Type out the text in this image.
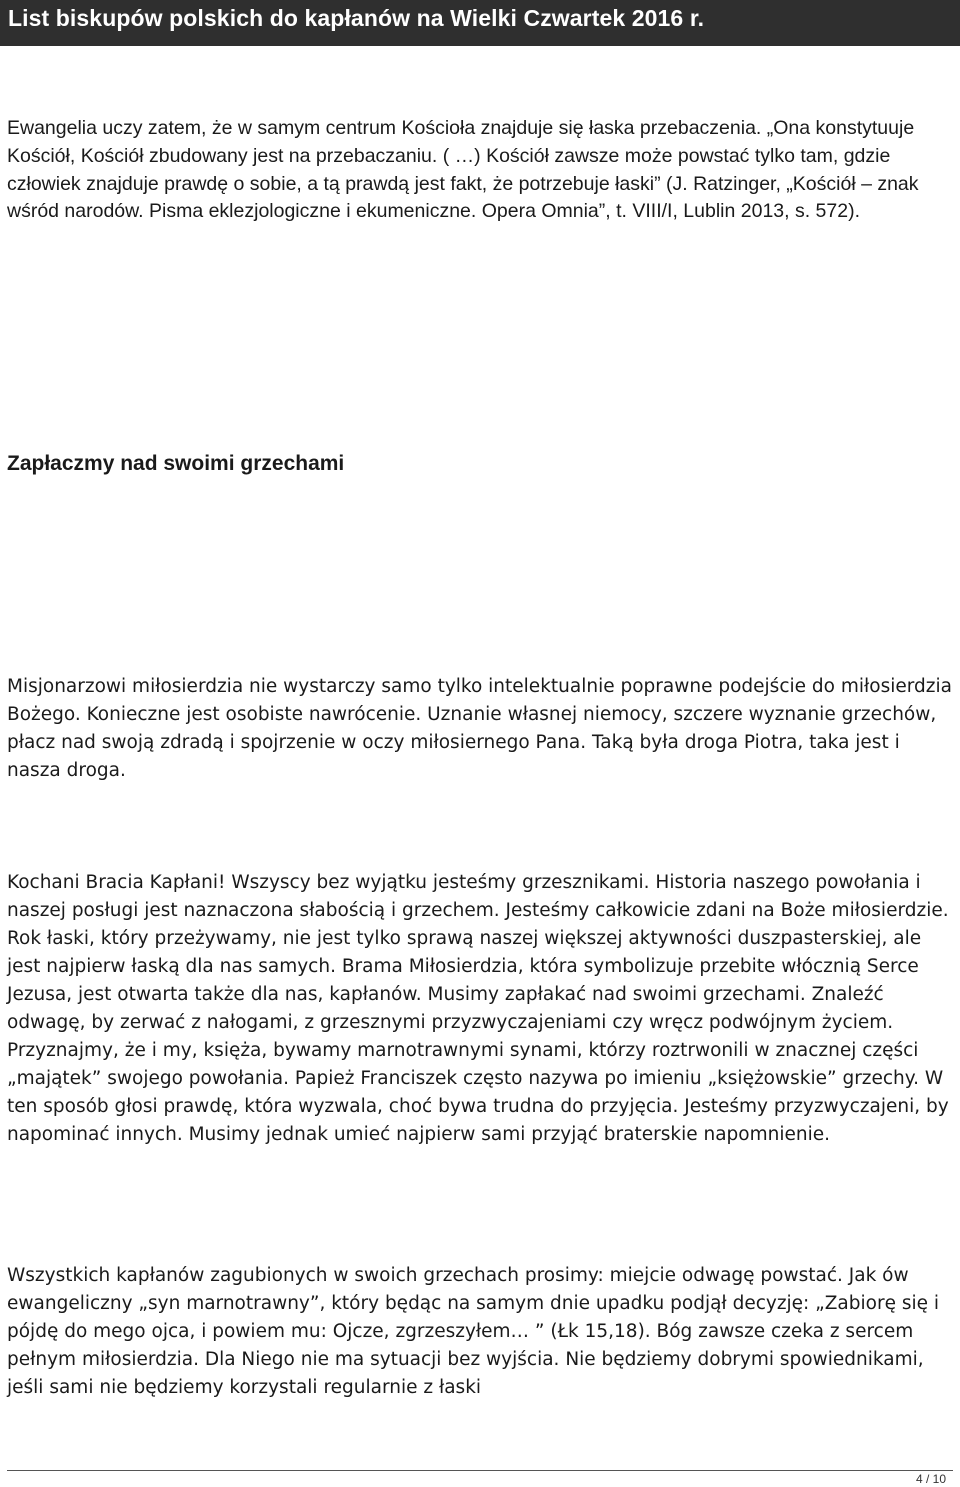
List biskupów polskich do kapłanów na Wielki Czwartek 2016 r.

Ewangelia uczy zatem, że w samym centrum Kościoła znajduje się łaska przebaczenia. „Ona konstytuuje Kościół, Kościół zbudowany jest na przebaczaniu. ( …) Kościół zawsze może powstać tylko tam, gdzie człowiek znajduje prawdę o sobie, a tą prawdą jest fakt, że potrzebuje łaski” (J. Ratzinger, „Kościół – znak wśród narodów. Pisma eklezjologiczne i ekumeniczne. Opera Omnia”, t. VIII/I, Lublin 2013, s. 572).

Zapłaczmy nad swoimi grzechami

Misjonarzowi miłosierdzia nie wystarczy samo tylko intelektualnie poprawne podejście do miłosierdzia Bożego. Konieczne jest osobiste nawrócenie. Uznanie własnej niemocy, szczere wyznanie grzechów, płacz nad swoją zdradą i spojrzenie w oczy miłosiernego Pana. Taką była droga Piotra, taka jest i nasza droga.

Kochani Bracia Kapłani! Wszyscy bez wyjątku jesteśmy grzesznikami. Historia naszego powołania i naszej posługi jest naznaczona słabością i grzechem. Jesteśmy całkowicie zdani na Boże miłosierdzie. Rok łaski, który przeżywamy, nie jest tylko sprawą naszej większej aktywności duszpasterskiej, ale jest najpierw łaską dla nas samych. Brama Miłosierdzia, która symbolizuje przebite włócznią Serce Jezusa, jest otwarta także dla nas, kapłanów. Musimy zapłakać nad swoimi grzechami. Znaleźć odwagę, by zerwać z nałogami, z grzesznymi przyzwyczajeniami czy wręcz podwójnym życiem. Przyznajmy, że i my, księża, bywamy marnotrawnymi synami, którzy roztrwonili w znacznej części „majątek” swojego powołania. Papież Franciszek często nazywa po imieniu „księżowskie” grzechy. W ten sposób głosi prawdę, która wyzwala, choć bywa trudna do przyjęcia. Jesteśmy przyzwyczajeni, by napominać innych. Musimy jednak umieć najpierw sami przyjąć braterskie napomnienie.

Wszystkich kapłanów zagubionych w swoich grzechach prosimy: miejcie odwagę powstać. Jak ów ewangeliczny „syn marnotrawny”, który będąc na samym dnie upadku podjął decyzję: „Zabiorę się i pójdę do mego ojca, i powiem mu: Ojcze, zgrzeszyłem… ” (Łk 15,18). Bóg zawsze czeka z sercem pełnym miłosierdzia. Dla Niego nie ma sytuacji bez wyjścia. Nie będziemy dobrymi spowiednikami, jeśli sami nie będziemy korzystali regularnie z łaski

4 / 10
